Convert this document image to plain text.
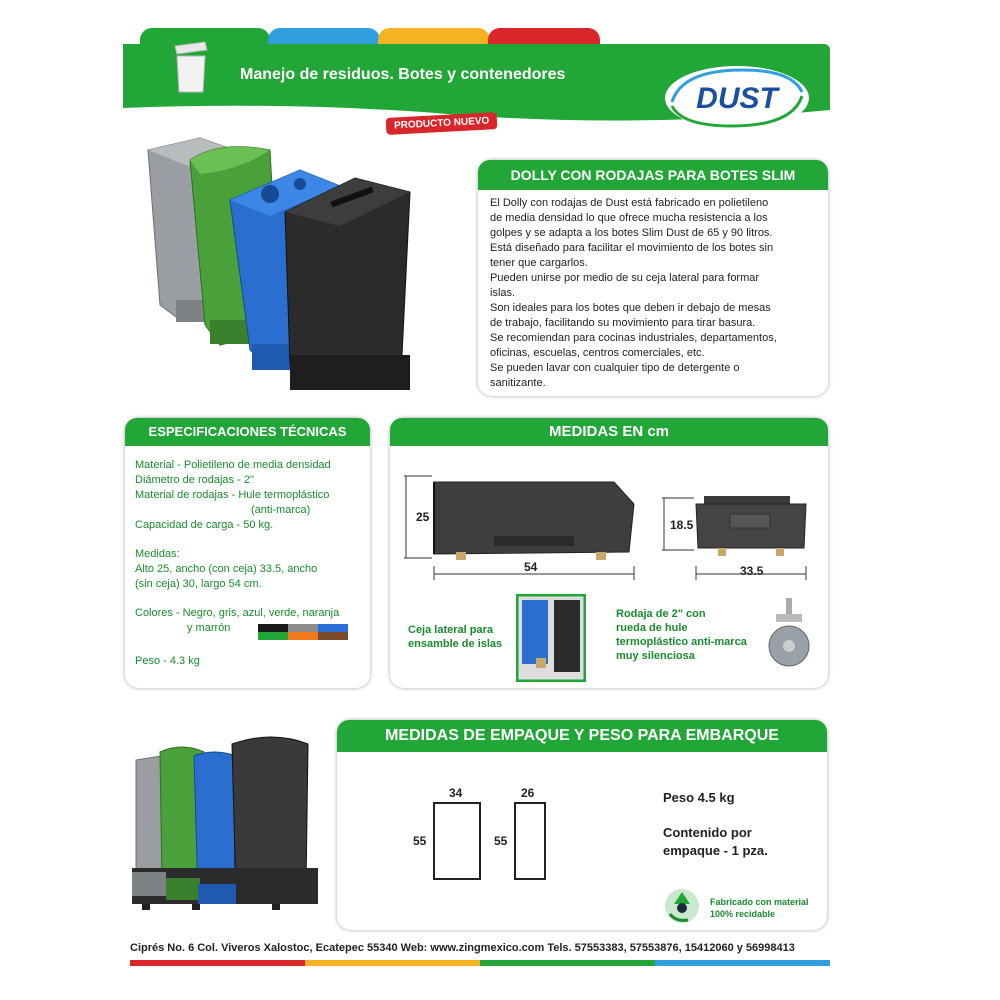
Manejo de residuos. Botes y contenedores
DUST
PRODUCTO NUEVO
DOLLY CON RODAJAS PARA BOTES SLIM
El Dolly con rodajas de Dust está fabricado en polietileno
de media densidad lo que ofrece mucha resistencia a los
golpes y se adapta a los botes Slim Dust de 65 y 90 litros.
Está diseñado para facilitar el movimiento de los botes sin
tener que cargarlos.
Pueden unirse por medio de su ceja lateral para formar
islas.
Son ideales para los botes que deben ir debajo de mesas
de trabajo, facilitando su movimiento para tirar basura.
Se recomiendan para cocinas industriales, departamentos,
oficinas, escuelas, centros comerciales, etc.
Se pueden lavar con cualquier tipo de detergente o
sanitizante.
ESPECIFICACIONES TÉCNICAS
Material - Polietileno de media densidad
Diámetro de rodajas - 2"
Material de rodajas - Hule termoplástico
(anti-marca)
Capacidad de carga - 50 kg.
Medidas:
Alto 25, ancho (con ceja) 33.5, ancho
(sin ceja) 30, largo 54 cm.
Colores - Negro, gris, azul, verde, naranja
y marrón
Peso - 4.3 kg
MEDIDAS EN cm
25
54
18.5
33.5
Ceja lateral para
ensamble de islas
Rodaja de 2" con
rueda de hule
termoplástico anti-marca
muy silenciosa
MEDIDAS DE EMPAQUE Y PESO PARA EMBARQUE
34
55
26
55
Peso 4.5 kg
Contenido por
empaque - 1 pza.
Fabricado con material
100% recidable
Ciprés No. 6 Col. Viveros Xalostoc, Ecatepec 55340 Web: www.zingmexico.com Tels. 57553383, 57553876, 15412060 y 56998413
